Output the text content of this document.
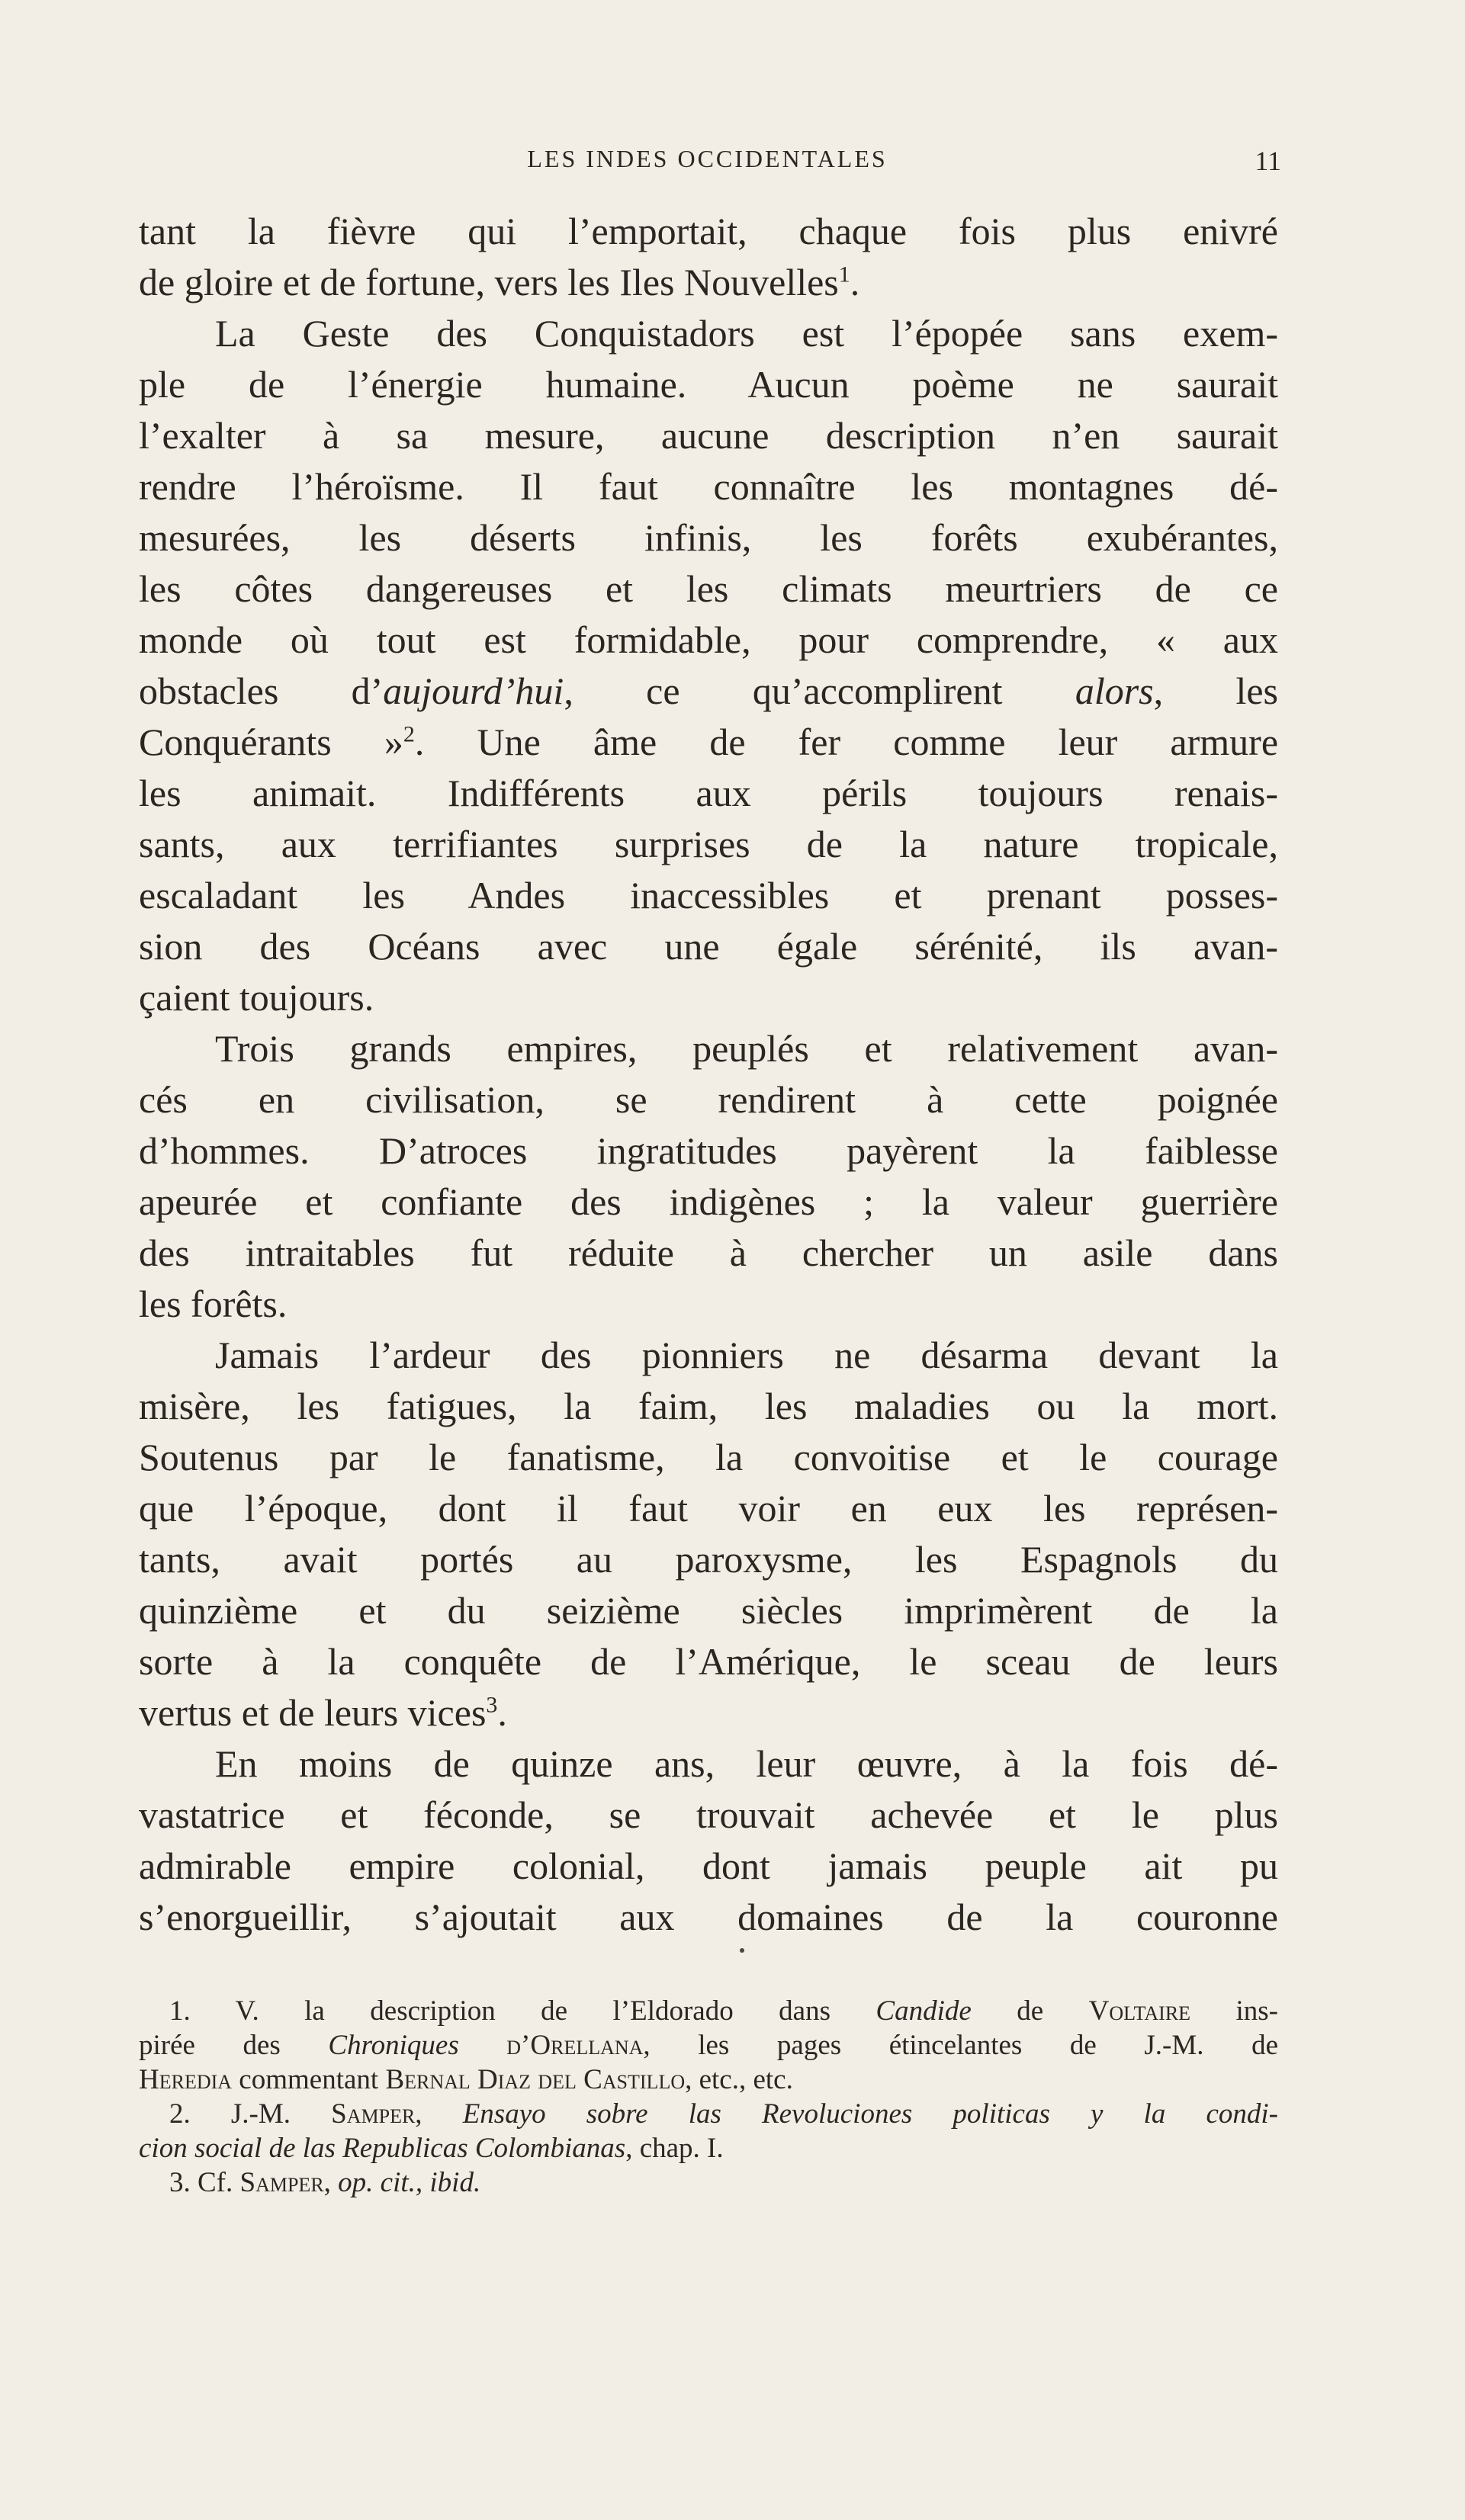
LES INDES OCCIDENTALES	11
tant la fièvre qui l’emportait, chaque fois plus enivré
de gloire et de fortune, vers les Iles Nouvelles$^1$.
La Geste des Conquistadors est l’épopée sans exem-
ple de l’énergie humaine. Aucun poème ne saurait
l’exalter à sa mesure, aucune description n’en saurait
rendre l’héroïsme. Il faut connaître les montagnes dé-
mesurées, les déserts infinis, les forêts exubérantes,
les côtes dangereuses et les climats meurtriers de ce
monde où tout est formidable, pour comprendre, « aux
obstacles d’aujourd’hui, ce qu’accomplirent alors, les
Conquérants »$^2$. Une âme de fer comme leur armure
les animait. Indifférents aux périls toujours renais-
sants, aux terrifiantes surprises de la nature tropicale,
escaladant les Andes inaccessibles et prenant posses-
sion des Océans avec une égale sérénité, ils avan-
çaient toujours.
Trois grands empires, peuplés et relativement avan-
cés en civilisation, se rendirent à cette poignée
d’hommes. D’atroces ingratitudes payèrent la faiblesse
apeurée et confiante des indigènes ; la valeur guerrière
des intraitables fut réduite à chercher un asile dans
les forêts.
Jamais l’ardeur des pionniers ne désarma devant la
misère, les fatigues, la faim, les maladies ou la mort.
Soutenus par le fanatisme, la convoitise et le courage
que l’époque, dont il faut voir en eux les représen-
tants, avait portés au paroxysme, les Espagnols du
quinzième et du seizième siècles imprimèrent de la
sorte à la conquête de l’Amérique, le sceau de leurs
vertus et de leurs vices$^3$.
En moins de quinze ans, leur œuvre, à la fois dé-
vastatrice et féconde, se trouvait achevée et le plus
admirable empire colonial, dont jamais peuple ait pu
s’enorgueillir, s’ajoutait aux domaines de la couronne
1. V. la description de l’Eldorado dans Candide de Voltaire ins-
pirée des Chroniques d’Orellana, les pages étincelantes de J.-M. de
Heredia commentant Bernal Diaz del Castillo, etc., etc.
2. J.-M. Samper, Ensayo sobre las Revoluciones politicas y la condi-
cion social de las Republicas Colombianas, chap. I.
3. Cf. Samper, op. cit., ibid.
